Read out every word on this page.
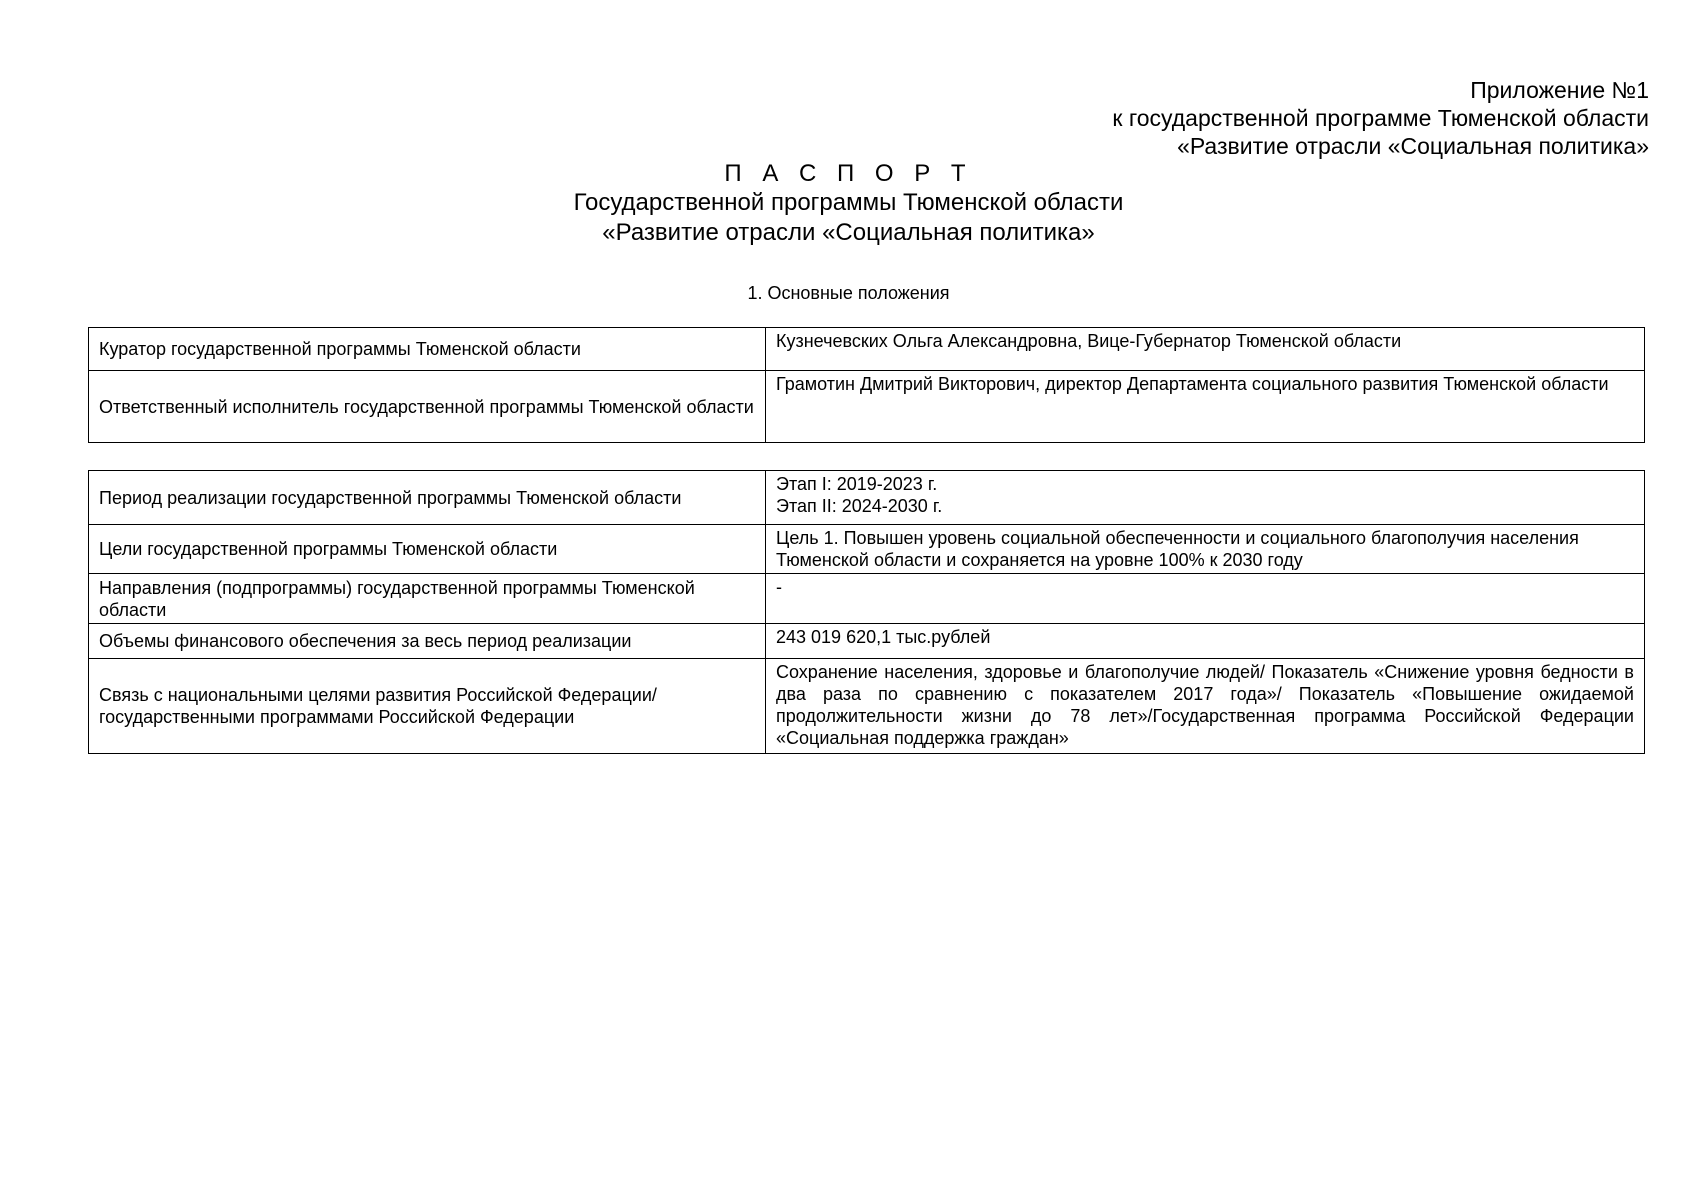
Приложение №1
к государственной программе Тюменской области
«Развитие отрасли «Социальная политика»
П А С П О Р Т
Государственной программы Тюменской области
«Развитие отрасли «Социальная политика»
1. Основные положения
Куратор государственной программы Тюменской области	Кузнечевских Ольга Александровна, Вице-Губернатор Тюменской области
Ответственный исполнитель государственной программы Тюменской области	Грамотин Дмитрий Викторович, директор Департамента социального развития Тюменской области
Период реализации государственной программы Тюменской области	Этап I: 2019-2023 г.
Этап II: 2024-2030 г.

Цели государственной программы Тюменской области	Цель 1. Повышен уровень социальной обеспеченности и социального благополучия населения Тюменской области и сохраняется на уровне 100% к 2030 году
Направления (подпрограммы) государственной программы Тюменской области	-
Объемы финансового обеспечения за весь период реализации	243 019 620,1 тыс.рублей
Связь с национальными целями развития Российской Федерации/ государственными программами Российской Федерации	Сохранение населения, здоровье и благополучие людей/ Показатель «Снижение уровня бедности в два раза по сравнению с показателем 2017 года»/ Показатель «Повышение ожидаемой продолжительности жизни до 78 лет»/Государственная программа Российской Федерации «Социальная поддержка граждан»
